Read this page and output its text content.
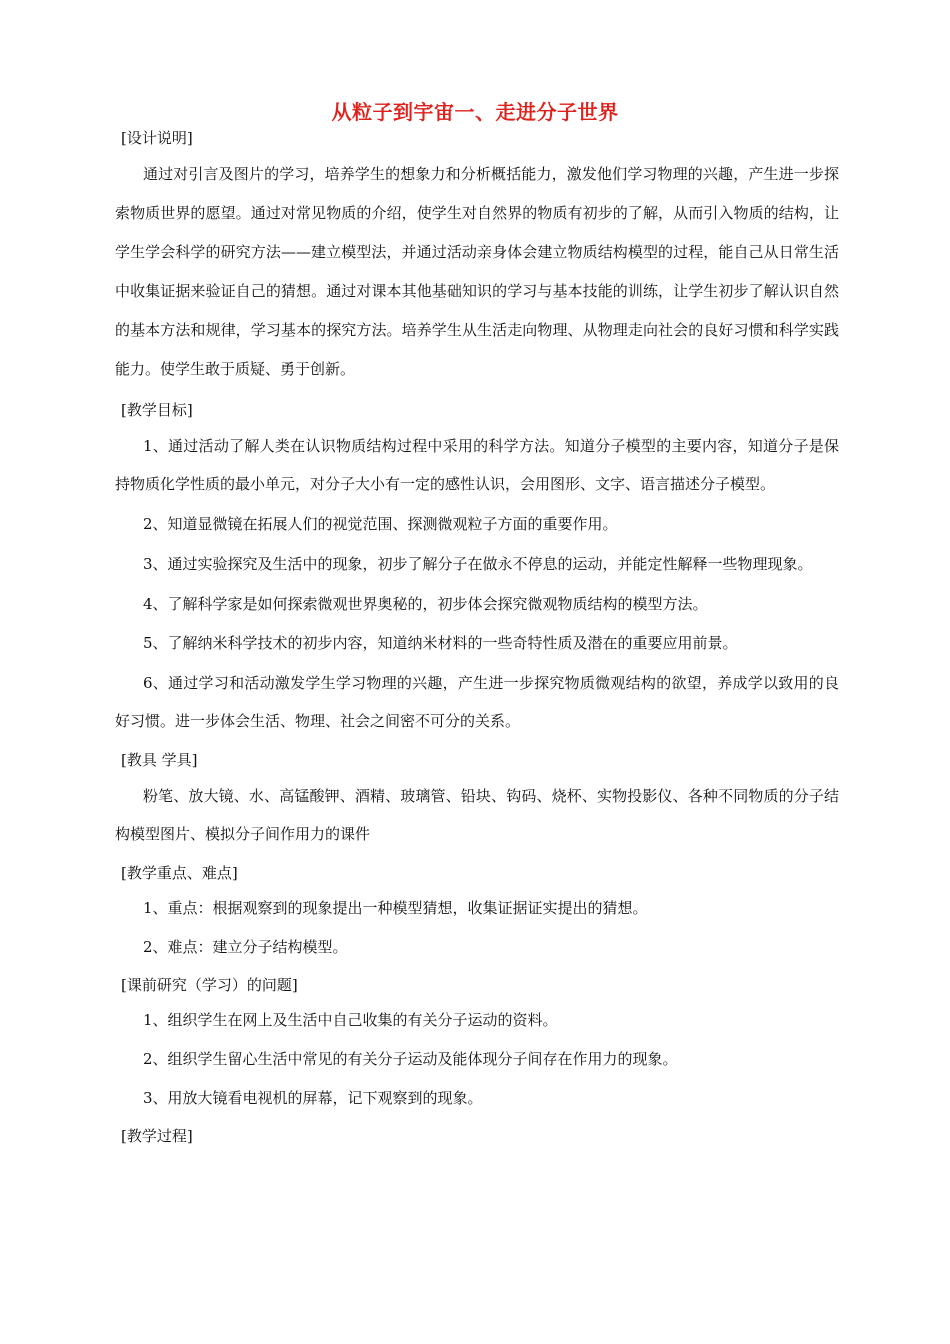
从粒子到宇宙一、走进分子世界
[设计说明]

通过对引言及图片的学习，培养学生的想象力和分析概括能力，激发他们学习物理的兴趣，产生进一步探索物质世界的愿望。通过对常见物质的介绍，使学生对自然界的物质有初步的了解，从而引入物质的结构，让学生学会科学的研究方法——建立模型法，并通过活动亲身体会建立物质结构模型的过程，能自己从日常生活中收集证据来验证自己的猜想。通过对课本其他基础知识的学习与基本技能的训练，让学生初步了解认识自然的基本方法和规律，学习基本的探究方法。培养学生从生活走向物理、从物理走向社会的良好习惯和科学实践能力。使学生敢于质疑、勇于创新。

[教学目标]

1、通过活动了解人类在认识物质结构过程中采用的科学方法。知道分子模型的主要内容，知道分子是保持物质化学性质的最小单元，对分子大小有一定的感性认识，会用图形、文字、语言描述分子模型。

2、知道显微镜在拓展人们的视觉范围、探测微观粒子方面的重要作用。

3、通过实验探究及生活中的现象，初步了解分子在做永不停息的运动，并能定性解释一些物理现象。

4、了解科学家是如何探索微观世界奥秘的，初步体会探究微观物质结构的模型方法。

5、了解纳米科学技术的初步内容，知道纳米材料的一些奇特性质及潜在的重要应用前景。

6、通过学习和活动激发学生学习物理的兴趣，产生进一步探究物质微观结构的欲望，养成学以致用的良好习惯。进一步体会生活、物理、社会之间密不可分的关系。

[教具 学具]

粉笔、放大镜、水、高锰酸钾、酒精、玻璃管、铅块、钩码、烧杯、实物投影仪、各种不同物质的分子结构模型图片、模拟分子间作用力的课件

[教学重点、难点]

1、重点：根据观察到的现象提出一种模型猜想，收集证据证实提出的猜想。

2、难点：建立分子结构模型。

[课前研究（学习）的问题]

1、组织学生在网上及生活中自己收集的有关分子运动的资料。

2、组织学生留心生活中常见的有关分子运动及能体现分子间存在作用力的现象。

3、用放大镜看电视机的屏幕，记下观察到的现象。

[教学过程]
